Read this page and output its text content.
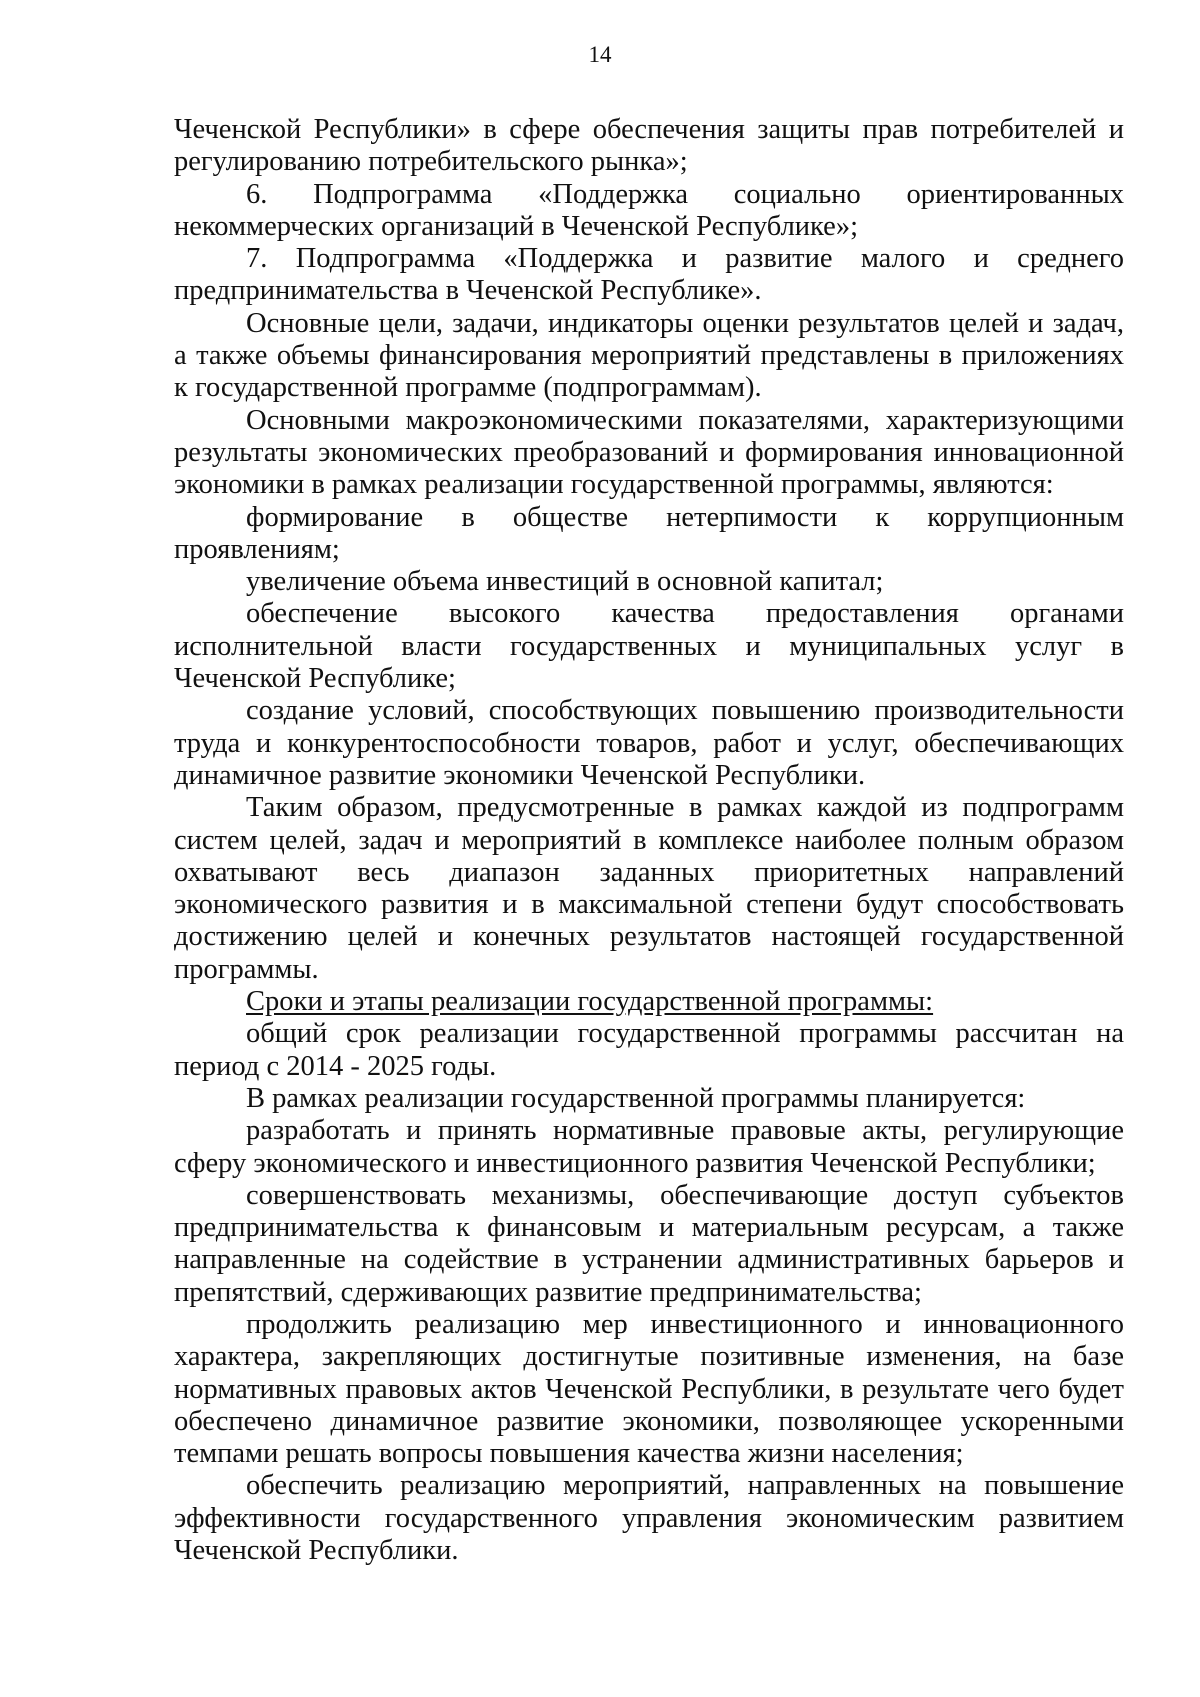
14

Чеченской Республики» в сфере обеспечения защиты прав потребителей и регулированию потребительского рынка»;

6. Подпрограмма «Поддержка социально ориентированных некоммерческих организаций в Чеченской Республике»;

7. Подпрограмма «Поддержка и развитие малого и среднего предпринимательства в Чеченской Республике».

Основные цели, задачи, индикаторы оценки результатов целей и задач, а также объемы финансирования мероприятий представлены в приложениях к государственной программе (подпрограммам).

Основными макроэкономическими показателями, характеризующими результаты экономических преобразований и формирования инновационной экономики в рамках реализации государственной программы, являются:

формирование в обществе нетерпимости к коррупционным проявлениям;

увеличение объема инвестиций в основной капитал;

обеспечение высокого качества предоставления органами исполнительной власти государственных и муниципальных услуг в Чеченской Республике;

создание условий, способствующих повышению производительности труда и конкурентоспособности товаров, работ и услуг, обеспечивающих динамичное развитие экономики Чеченской Республики.

Таким образом, предусмотренные в рамках каждой из подпрограмм систем целей, задач и мероприятий в комплексе наиболее полным образом охватывают весь диапазон заданных приоритетных направлений экономического развития и в максимальной степени будут способствовать достижению целей и конечных результатов настоящей государственной программы.

Сроки и этапы реализации государственной программы:

общий срок реализации государственной программы рассчитан на период с 2014 - 2025 годы.

В рамках реализации государственной программы планируется:

разработать и принять нормативные правовые акты, регулирующие сферу экономического и инвестиционного развития Чеченской Республики;

совершенствовать механизмы, обеспечивающие доступ субъектов предпринимательства к финансовым и материальным ресурсам, а также направленные на содействие в устранении административных барьеров и препятствий, сдерживающих развитие предпринимательства;

продолжить реализацию мер инвестиционного и инновационного характера, закрепляющих достигнутые позитивные изменения, на базе нормативных правовых актов Чеченской Республики, в результате чего будет обеспечено динамичное развитие экономики, позволяющее ускоренными темпами решать вопросы повышения качества жизни населения;

обеспечить реализацию мероприятий, направленных на повышение эффективности государственного управления экономическим развитием Чеченской Республики.
